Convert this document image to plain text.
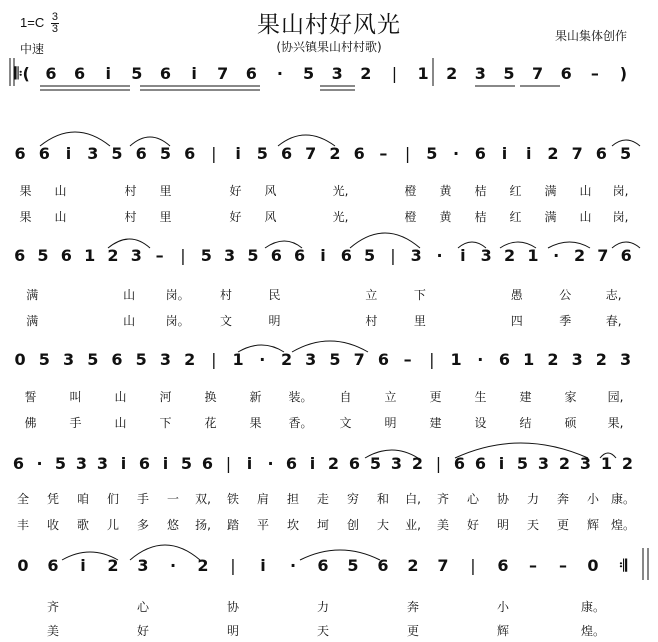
果山村好风光
(协兴镇果山村村歌)
$1=C \frac{3}{3}$
中速
果山集体创作
𝄆( 6 6 i 5 6 i 7 6 · 5 3 2 | 1 2 3 5 7 6 – )
6 6 i 3 5 6 5 6 | i 5 6 7 2 6 – | 5 · 6 i i 2 7 6 5
果 山	村 里	好 风	光,	橙 黄 桔 红 满 山 岗,
果 山	村 里	好 风	光,	橙 黄 桔 红 满 山 岗,
6 5 6 1 2 3 – | 5 3 5 6 6 i 6 5 | 3 · i 3 2 1 · 2 7 6
满	山	岗。	村	民	立	下	愚	公	志,
满	山	岗。	文	明	村	里	四	季	春,
0 5 3 5 6 5 3 2 | 1 · 2 3 5 7 6 – | 1 · 6 1 2 3 2 3
誓	叫	山	河	换	新 装。 自	立	更	生	建	家	园,
佛	手	山	下	花	果 香。 文	明	建	设	结	硕	果,
6 · 5 3 3 i 6 i 5 6 | i · 6 i 2 6 5 3 2 | 6 6 i 5 3 2 3 1 2
全 凭 咱 们 手 一 双, 铁 肩 担 走 穷 和 白, 齐 心 协 力 奔 小 康。
丰 收 歌 儿 多 悠 扬, 踏 平 坎 坷 创 大 业, 美 好 明 天 更 辉 煌。
0 6 i 2 3 · 2 | i · 6 5 6 2 7 | 6 – – 0 𝄇
齐	心	协	力	奔	小	康。
美	好	明	天	更	辉	煌。
